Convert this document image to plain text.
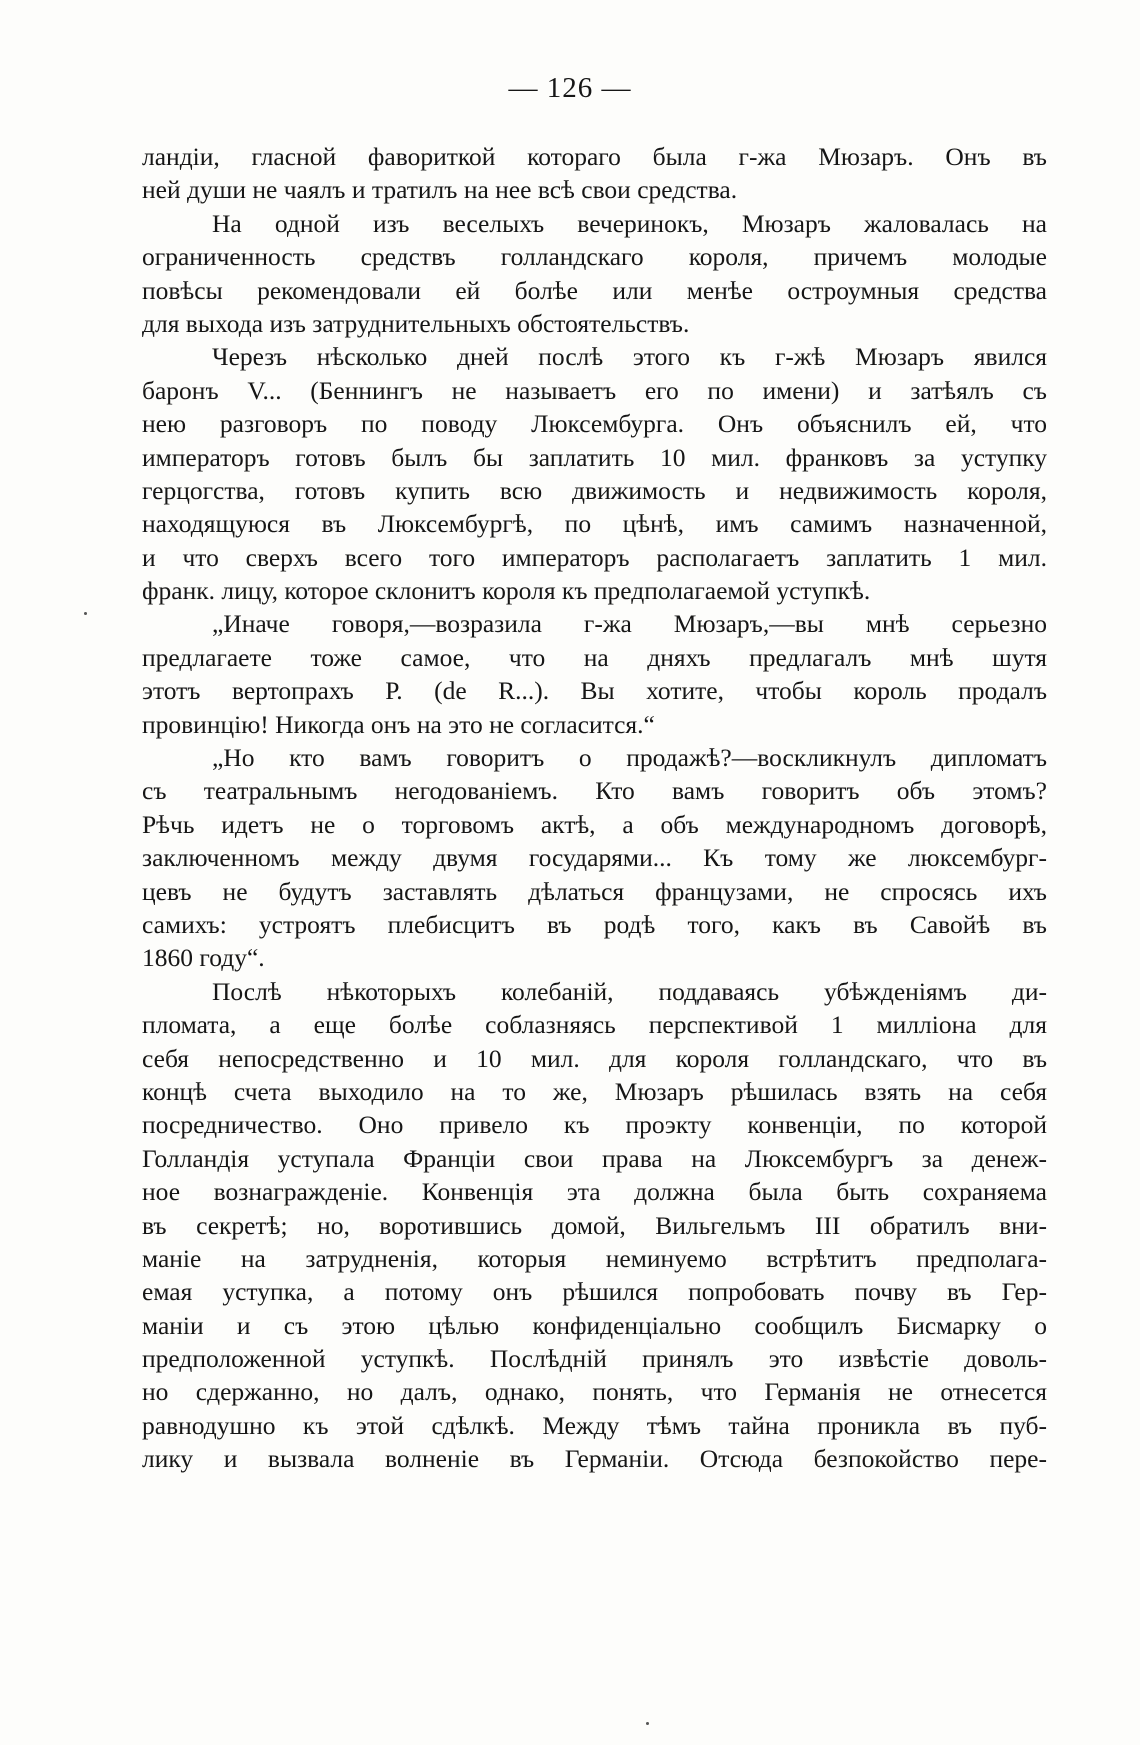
— 126 —
ландіи, гласной фавориткой котораго была г-жа Мюзаръ. Онъ въ
ней души не чаялъ и тратилъ на нее всѣ свои средства.
На одной изъ веселыхъ вечеринокъ, Мюзаръ жаловалась на
ограниченность средствъ голландскаго короля, причемъ молодые
повѣсы рекомендовали ей болѣе или менѣе остроумныя средства
для выхода изъ затруднительныхъ обстоятельствъ.
Черезъ нѣсколько дней послѣ этого къ г-жѣ Мюзаръ явился
баронъ V... (Беннингъ не называетъ его по имени) и затѣялъ съ
нею разговоръ по поводу Люксембурга. Онъ объяснилъ ей, что
императоръ готовъ былъ бы заплатить 10 мил. франковъ за уступку
герцогства, готовъ купить всю движимость и недвижимость короля,
находящуюся въ Люксембургѣ, по цѣнѣ, имъ самимъ назначенной,
и что сверхъ всего того императоръ располагаетъ заплатить 1 мил.
франк. лицу, которое склонитъ короля къ предполагаемой уступкѣ.
„Иначе говоря,—возразила г-жа Мюзаръ,—вы мнѣ серьезно
предлагаете тоже самое, что на дняхъ предлагалъ мнѣ шутя
этотъ вертопрахъ Р. (de R...). Вы хотите, чтобы король продалъ
провинцію! Никогда онъ на это не согласится.“
„Но кто вамъ говоритъ о продажѣ?—воскликнулъ дипломатъ
съ театральнымъ негодованіемъ. Кто вамъ говоритъ объ этомъ?
Рѣчь идетъ не о торговомъ актѣ, а объ международномъ договорѣ,
заключенномъ между двумя государями... Къ тому же люксембург-
цевъ не будутъ заставлять дѣлаться французами, не спросясь ихъ
самихъ: устроятъ плебисцитъ въ родѣ того, какъ въ Савойѣ въ
1860 году“.
Послѣ нѣкоторыхъ колебаній, поддаваясь убѣжденіямъ ди-
пломата, а еще болѣе соблазняясь перспективой 1 милліона для
себя непосредственно и 10 мил. для короля голландскаго, что въ
концѣ счета выходило на то же, Мюзаръ рѣшилась взять на себя
посредничество. Оно привело къ проэкту конвенціи, по которой
Голландія уступала Франціи свои права на Люксембургъ за денеж-
ное вознагражденіе. Конвенція эта должна была быть сохраняема
въ секретѣ; но, воротившись домой, Вильгельмъ III обратилъ вни-
маніе на затрудненія, которыя неминуемо встрѣтитъ предполага-
емая уступка, а потому онъ рѣшился попробовать почву въ Гер-
маніи и съ этою цѣлью конфиденціально сообщилъ Бисмарку о
предположенной уступкѣ. Послѣдній принялъ это извѣстіе доволь-
но сдержанно, но далъ, однако, понять, что Германія не отнесется
равнодушно къ этой сдѣлкѣ. Между тѣмъ тайна проникла въ пуб-
лику и вызвала волненіе въ Германіи. Отсюда безпокойство пере-
